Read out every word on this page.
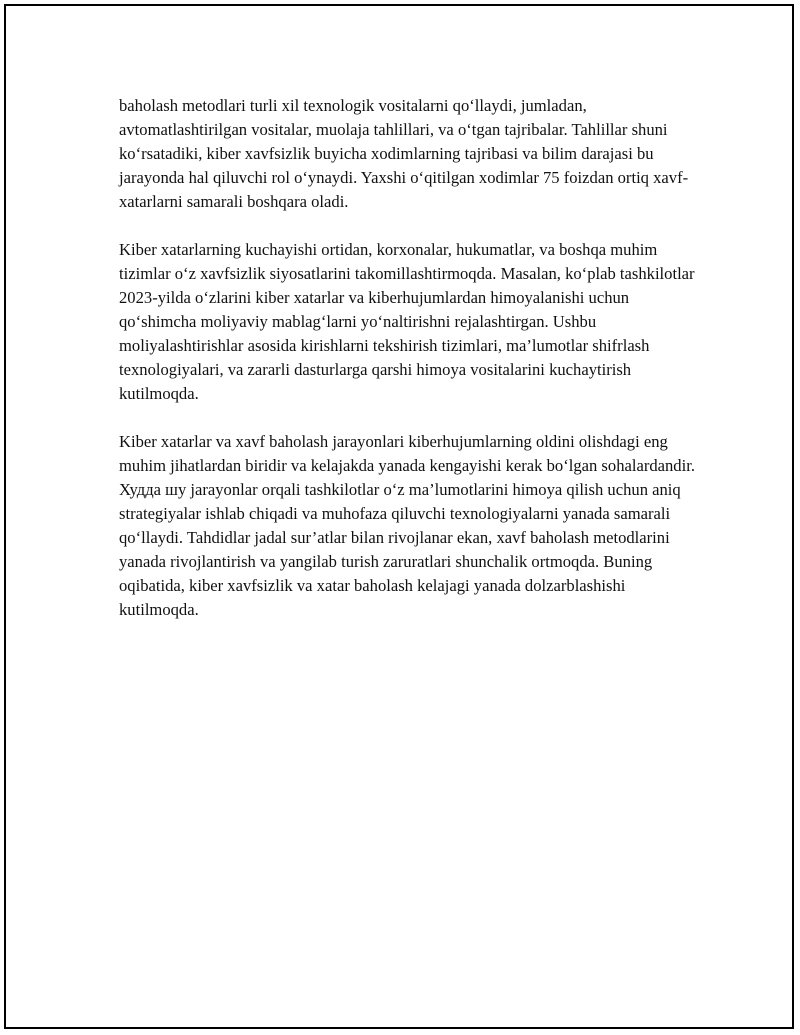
baholash metodlari turli xil texnologik vositalarni qo‘llaydi, jumladan, avtomatlashtirilgan vositalar, muolaja tahlillari, va o‘tgan tajribalar. Tahlillar shuni ko‘rsatadiki, kiber xavfsizlik buyicha xodimlarning tajribasi va bilim darajasi bu jarayonda hal qiluvchi rol o‘ynaydi. Yaxshi o‘qitilgan xodimlar 75 foizdan ortiq xavf-xatarlarni samarali boshqara oladi.

Kiber xatarlarning kuchayishi ortidan, korxonalar, hukumatlar, va boshqa muhim tizimlar o‘z xavfsizlik siyosatlarini takomillashtirmoqda. Masalan, ko‘plab tashkilotlar 2023-yilda o‘zlarini kiber xatarlar va kiberhujumlardan himoyalanishi uchun qo‘shimcha moliyaviy mablag‘larni yo‘naltirishni rejalashtirgan. Ushbu moliyalashtirishlar asosida kirishlarni tekshirish tizimlari, ma’lumotlar shifrlash texnologiyalari, va zararli dasturlarga qarshi himoya vositalarini kuchaytirish kutilmoqda.

Kiber xatarlar va xavf baholash jarayonlari kiberhujumlarning oldini olishdagi eng muhim jihatlardan biridir va kelajakda yanada kengayishi kerak bo‘lgan sohalardandir. Худда шу jarayonlar orqali tashkilotlar o‘z ma’lumotlarini himoya qilish uchun aniq strategiyalar ishlab chiqadi va muhofaza qiluvchi texnologiyalarni yanada samarali qo‘llaydi. Tahdidlar jadal sur’atlar bilan rivojlanar ekan, xavf baholash metodlarini yanada rivojlantirish va yangilab turish zaruratlari shunchalik ortmoqda. Buning oqibatida, kiber xavfsizlik va xatar baholash kelajagi yanada dolzarblashishi kutilmoqda.
